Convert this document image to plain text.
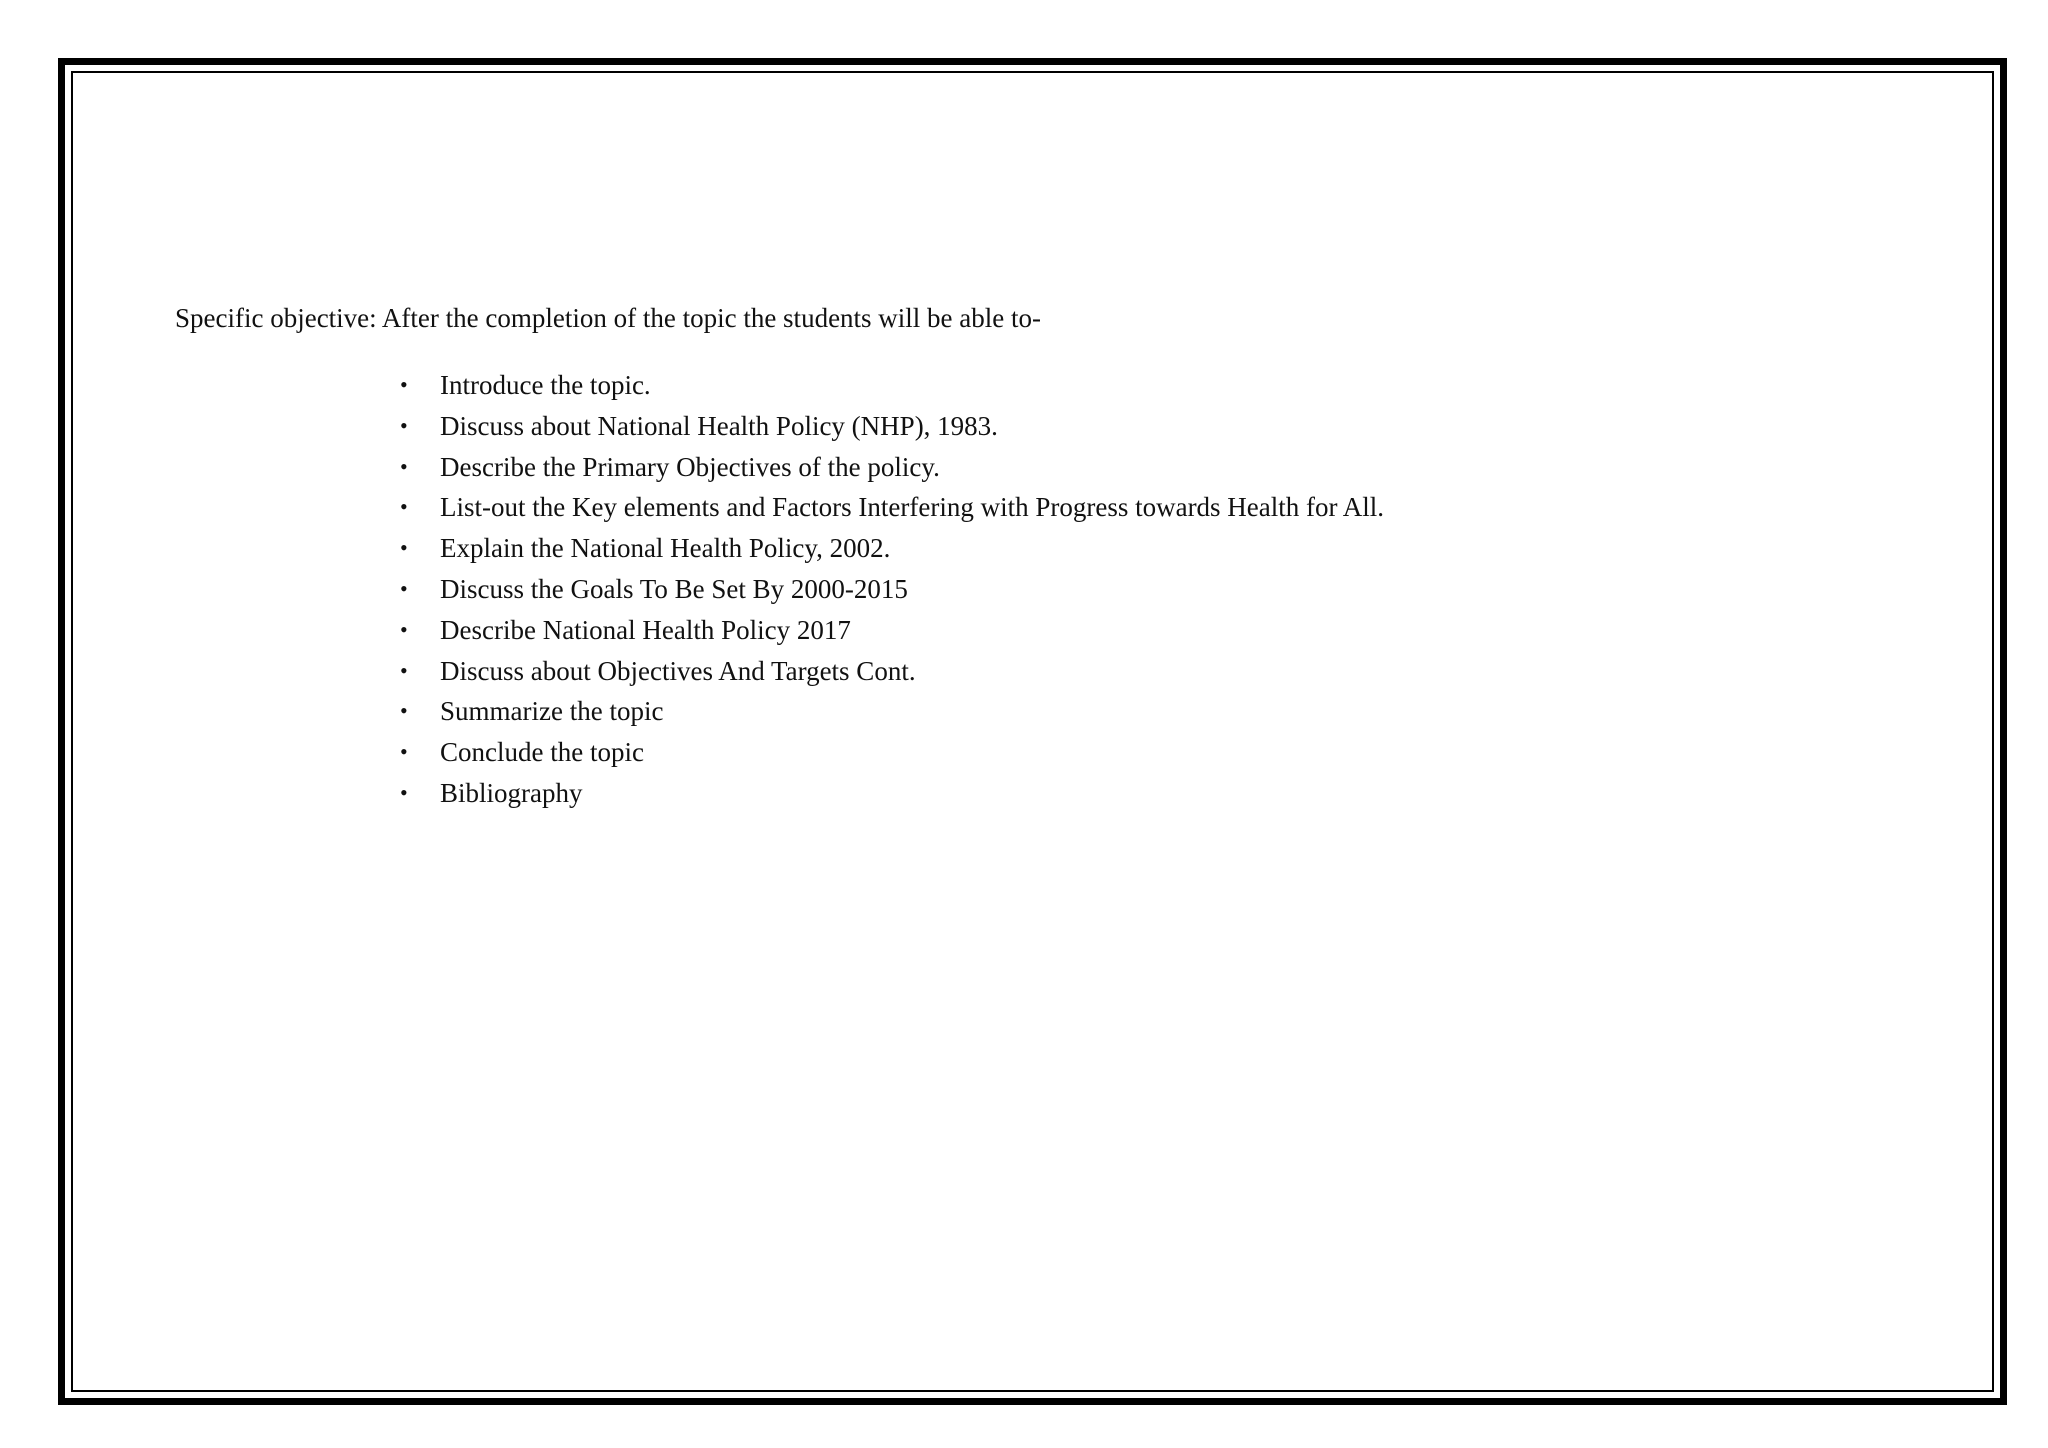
Specific objective: After the completion of the topic the students will be able to-
• Introduce the topic.
• Discuss about National Health Policy (NHP), 1983.
• Describe the Primary Objectives of the policy.
• List-out the Key elements and Factors Interfering with Progress towards Health for All.
• Explain the National Health Policy, 2002.
• Discuss the Goals To Be Set By 2000-2015
• Describe National Health Policy 2017
• Discuss about Objectives And Targets Cont.
• Summarize the topic
• Conclude the topic
• Bibliography
